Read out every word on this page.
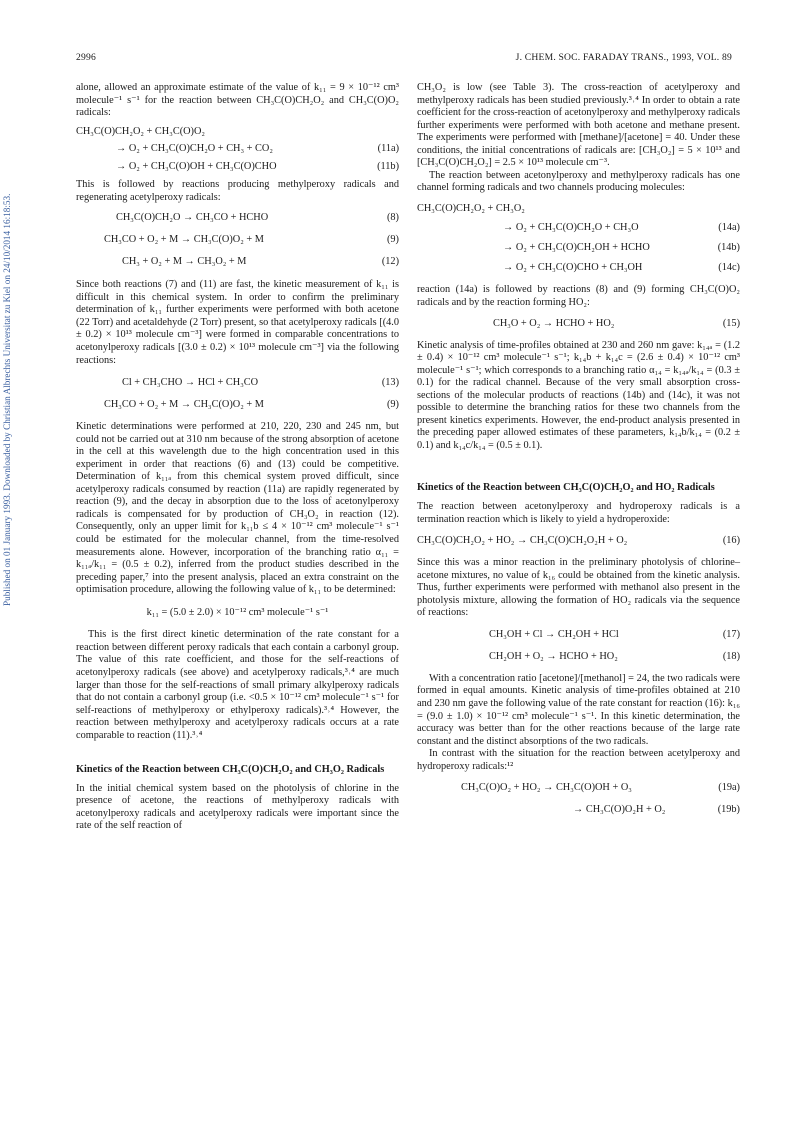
Published on 01 January 1993. Downloaded by Christian Albrechts Universitat zu Kiel on 24/10/2014 16:18:53.
2996	J. CHEM. SOC. FARADAY TRANS., 1993, VOL. 89

alone, allowed an approximate estimate of the value of k₁₁ = 9 × 10⁻¹² cm³ molecule⁻¹ s⁻¹ for the reaction between CH₃C(O)CH₂O₂ and CH₃C(O)O₂ radicals:

CH₃C(O)CH₂O₂ + CH₃C(O)O₂
→ O₂ + CH₃C(O)CH₂O + CH₃ + CO₂	(11a)
→ O₂ + CH₃C(O)OH + CH₃C(O)CHO	(11b)

This is followed by reactions producing methylperoxy radicals and regenerating acetylperoxy radicals:

CH₃C(O)CH₂O → CH₃CO + HCHO	(8)
CH₃CO + O₂ + M → CH₃C(O)O₂ + M	(9)
CH₃ + O₂ + M → CH₃O₂ + M	(12)

Since both reactions (7) and (11) are fast, the kinetic measurement of k₁₁ is difficult in this chemical system. In order to confirm the preliminary determination of k₁₁ further experiments were performed with both acetone (22 Torr) and acetaldehyde (2 Torr) present, so that acetylperoxy radicals [(4.0 ± 0.2) × 10¹³ molecule cm⁻³] were formed in comparable concentrations to acetonylperoxy radicals [(3.0 ± 0.2) × 10¹³ molecule cm⁻³] via the following reactions:

Cl + CH₃CHO → HCl + CH₃CO	(13)
CH₃CO + O₂ + M → CH₃C(O)O₂ + M	(9)

Kinetic determinations were performed at 210, 220, 230 and 245 nm, but could not be carried out at 310 nm because of the strong absorption of acetone in the cell at this wavelength due to the high concentration used in this experiment in order that reactions (6) and (13) could be competitive. Determination of k₁₁ₐ from this chemical system proved difficult, since acetylperoxy radicals consumed by reaction (11a) are rapidly regenerated by reaction (9), and the decay in absorption due to the loss of acetonylperoxy radicals is compensated for by production of CH₃O₂ in reaction (12). Consequently, only an upper limit for k₁₁b ≤ 4 × 10⁻¹² cm³ molecule⁻¹ s⁻¹ could be estimated for the molecular channel, from the time-resolved measurements alone. However, incorporation of the branching ratio α₁₁ = k₁₁ₐ/k₁₁ = (0.5 ± 0.2), inferred from the product studies described in the preceding paper,⁷ into the present analysis, placed an extra constraint on the optimisation procedure, allowing the following value of k₁₁ to be determined:

k₁₁ = (5.0 ± 2.0) × 10⁻¹² cm³ molecule⁻¹ s⁻¹

This is the first direct kinetic determination of the rate constant for a reaction between different peroxy radicals that each contain a carbonyl group. The value of this rate coefficient, and those for the self-reactions of acetonylperoxy radicals (see above) and acetylperoxy radicals,³˒⁴ are much larger than those for the self-reactions of small primary alkylperoxy radicals that do not contain a carbonyl group (i.e. <0.5 × 10⁻¹² cm³ molecule⁻¹ s⁻¹ for self-reactions of methylperoxy or ethylperoxy radicals).³˒⁴ However, the reaction between methylperoxy and acetylperoxy radicals occurs at a rate comparable to reaction (11).³˒⁴

Kinetics of the Reaction between CH₃C(O)CH₂O₂ and CH₃O₂ Radicals

In the initial chemical system based on the photolysis of chlorine in the presence of acetone, the reactions of methylperoxy radicals with acetonylperoxy radicals and acetylperoxy radicals were important since the rate of the self reaction of

CH₃O₂ is low (see Table 3). The cross-reaction of acetylperoxy and methylperoxy radicals has been studied previously.³˒⁴ In order to obtain a rate coefficient for the cross-reaction of acetonylperoxy and methylperoxy radicals further experiments were performed with both acetone and methane present. The experiments were performed with [methane]/[acetone] = 40. Under these conditions, the initial concentrations of radicals are: [CH₃O₂] = 5 × 10¹³ and [CH₃C(O)CH₂O₂] = 2.5 × 10¹³ molecule cm⁻³.

The reaction between acetonylperoxy and methylperoxy radicals has one channel forming radicals and two channels producing molecules:

CH₃C(O)CH₂O₂ + CH₃O₂
→ O₂ + CH₃C(O)CH₂O + CH₃O	(14a)
→ O₂ + CH₃C(O)CH₂OH + HCHO	(14b)
→ O₂ + CH₃C(O)CHO + CH₃OH	(14c)

reaction (14a) is followed by reactions (8) and (9) forming CH₃C(O)O₂ radicals and by the reaction forming HO₂:

CH₃O + O₂ → HCHO + HO₂	(15)

Kinetic analysis of time-profiles obtained at 230 and 260 nm gave: k₁₄ₐ = (1.2 ± 0.4) × 10⁻¹² cm³ molecule⁻¹ s⁻¹; k₁₄b + k₁₄c = (2.6 ± 0.4) × 10⁻¹² cm³ molecule⁻¹ s⁻¹; which corresponds to a branching ratio α₁₄ = k₁₄ₐ/k₁₄ = (0.3 ± 0.1) for the radical channel. Because of the very small absorption cross-sections of the molecular products of reactions (14b) and (14c), it was not possible to determine the branching ratios for these two channels from the present kinetics experiments. However, the end-product analysis presented in the preceding paper allowed estimates of these parameters, k₁₄b/k₁₄ = (0.2 ± 0.1) and k₁₄c/k₁₄ = (0.5 ± 0.1).

Kinetics of the Reaction between CH₃C(O)CH₂O₂ and HO₂ Radicals

The reaction between acetonylperoxy and hydroperoxy radicals is a termination reaction which is likely to yield a hydroperoxide:

CH₃C(O)CH₂O₂ + HO₂ → CH₃C(O)CH₂O₂H + O₂	(16)

Since this was a minor reaction in the preliminary photolysis of chlorine–acetone mixtures, no value of k₁₆ could be obtained from the kinetic analysis. Thus, further experiments were performed with methanol also present in the photolysis mixture, allowing the formation of HO₂ radicals via the sequence of reactions:

CH₃OH + Cl → CH₂OH + HCl	(17)
CH₂OH + O₂ → HCHO + HO₂	(18)

With a concentration ratio [acetone]/[methanol] = 24, the two radicals were formed in equal amounts. Kinetic analysis of time-profiles obtained at 210 and 230 nm gave the following value of the rate constant for reaction (16): k₁₆ = (9.0 ± 1.0) × 10⁻¹² cm³ molecule⁻¹ s⁻¹. In this kinetic determination, the accuracy was better than for the other reactions because of the large rate constant and the distinct absorptions of the two radicals.

In contrast with the situation for the reaction between acetylperoxy and hydroperoxy radicals:¹²

CH₃C(O)O₂ + HO₂ → CH₃C(O)OH + O₃	(19a)
→ CH₃C(O)O₂H + O₂	(19b)
